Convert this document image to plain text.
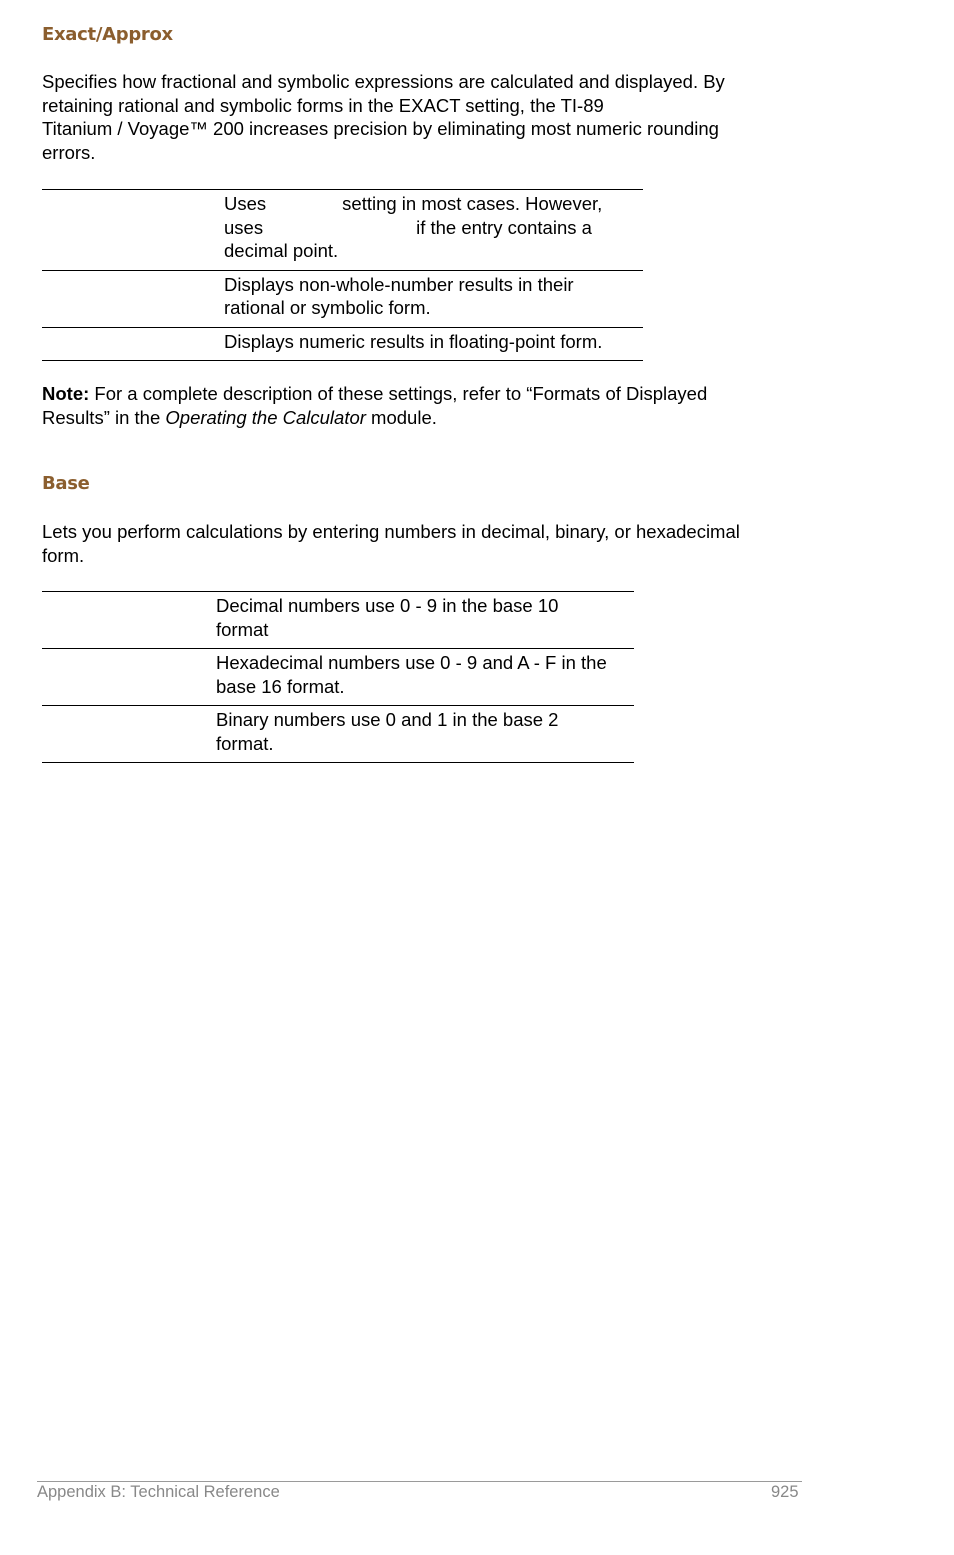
Exact/Approx
Specifies how fractional and symbolic expressions are calculated and displayed. By
retaining rational and symbolic forms in the EXACT setting, the TI-89
Titanium / Voyage™ 200 increases precision by eliminating most numeric rounding
errors.

	Uses setting in most cases. However,
uses if the entry contains a
decimal point.

	Displays non-whole-number results in their
rational or symbolic form.

	Displays numeric results in floating-point form.
Note: For a complete description of these settings, refer to “Formats of Displayed
Results” in the Operating the Calculator module.
Base
Lets you perform calculations by entering numbers in decimal, binary, or hexadecimal
form.

	Decimal numbers use 0 - 9 in the base 10
format

	Hexadecimal numbers use 0 - 9 and A - F in the
base 16 format.

	Binary numbers use 0 and 1 in the base 2
format.
Appendix B: Technical Reference	925
